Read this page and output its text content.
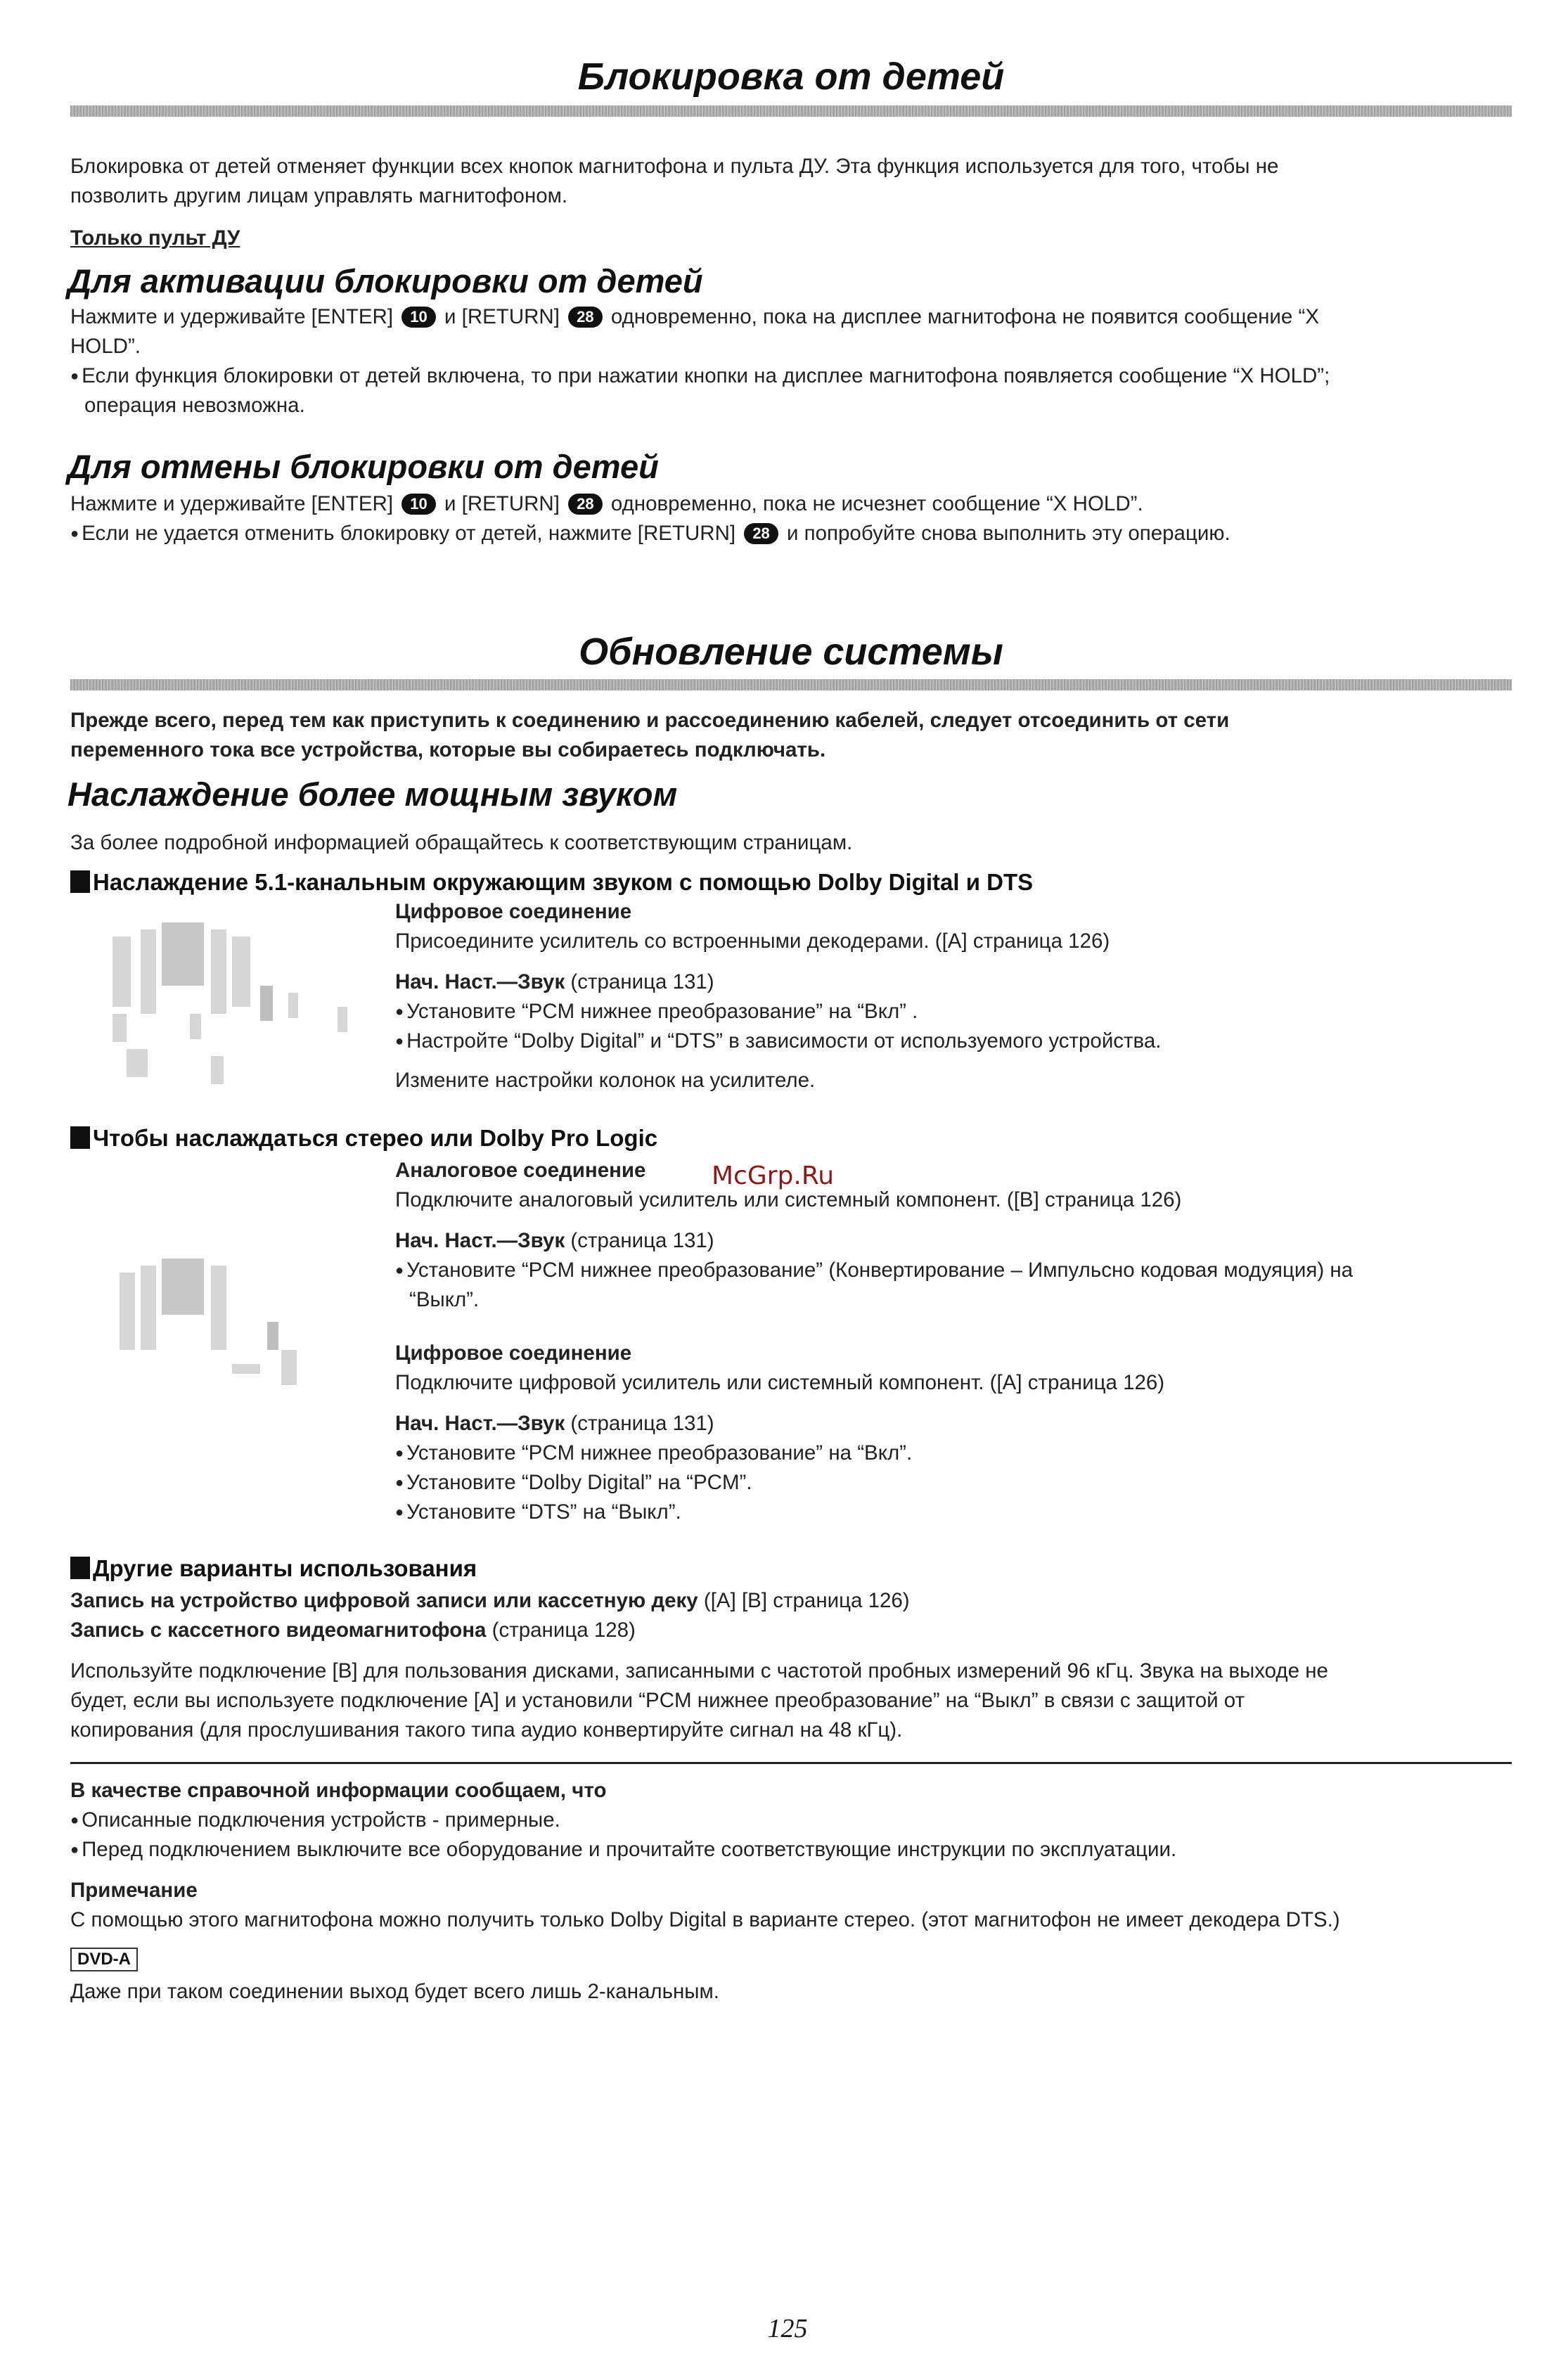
Блокировка от детей
Блокировка от детей отменяет функции всех кнопок магнитофона и пульта ДУ. Эта функция используется для того, чтобы не
позволить другим лицам управлять магнитофоном.
Только пульт ДУ
Для активации блокировки от детей
Нажмите и удерживайте [ENTER] 10 и [RETURN] 28 одновременно, пока на дисплее магнитофона не появится сообщение “X
HOLD”.
● Если функция блокировки от детей включена, то при нажатии кнопки на дисплее магнитофона появляется сообщение “X HOLD”;
операция невозможна.
Для отмены блокировки от детей
Нажмите и удерживайте [ENTER] 10 и [RETURN] 28 одновременно, пока не исчезнет сообщение “X HOLD”.
● Если не удается отменить блокировку от детей, нажмите [RETURN] 28 и попробуйте снова выполнить эту операцию.
Обновление системы
Прежде всего, перед тем как приступить к соединению и рассоединению кабелей, следует отсоединить от сети
переменного тока все устройства, которые вы собираетесь подключать.
Наслаждение более мощным звуком
За более подробной информацией обращайтесь к соответствующим страницам.
Наслаждение 5.1-канальным окружающим звуком с помощью Dolby Digital и DTS
Цифровое соединение
Присоедините усилитель со встроенными декодерами. ([A] страница 126)
Нач. Наст.—Звук (страница 131)
● Установите “PCM нижнее преобразование” на “Вкл” .
● Настройте “Dolby Digital” и “DTS” в зависимости от используемого устройства.
Измените настройки колонок на усилителе.
Чтобы наслаждаться стерео или Dolby Pro Logic
Аналоговое соединение	McGrp.Ru
Подключите аналоговый усилитель или системный компонент. ([B] страница 126)
Нач. Наст.—Звук (страница 131)
● Установите “PCM нижнее преобразование” (Конвертирование – Импульсно кодовая модуяция) на
“Выкл”.
Цифровое соединение
Подключите цифровой усилитель или системный компонент. ([A] страница 126)
Нач. Наст.—Звук (страница 131)
● Установите “PCM нижнее преобразование” на “Вкл”.
● Установите “Dolby Digital” на “PCM”.
● Установите “DTS” на “Выкл”.
Другие варианты использования
Запись на устройство цифровой записи или кассетную деку ([A] [B] страница 126)
Запись с кассетного видеомагнитофона (страница 128)
Используйте подключение [B] для пользования дисками, записанными с частотой пробных измерений 96 кГц. Звука на выходе не
будет, если вы используете подключение [A] и установили “PCM нижнее преобразование” на “Выкл” в связи с защитой от
копирования (для прослушивания такого типа аудио конвертируйте сигнал на 48 кГц).
В качестве справочной информации сообщаем, что
● Описанные подключения устройств - примерные.
● Перед подключением выключите все оборудование и прочитайте соответствующие инструкции по эксплуатации.
Примечание
С помощью этого магнитофона можно получить только Dolby Digital в варианте стерео. (этот магнитофон не имеет декодера DTS.)
DVD-A
Даже при таком соединении выход будет всего лишь 2-канальным.
125
